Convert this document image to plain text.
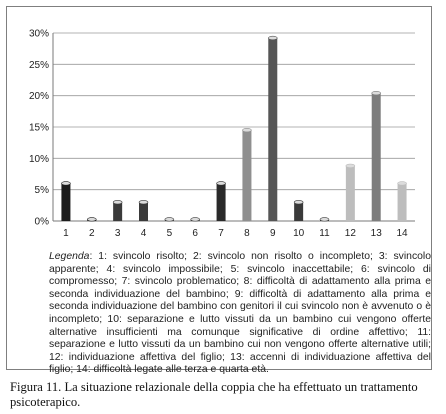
0%
5%
10%
15%
20%
25%
30%
1 2 3 4 5 6 7 8 9 10 11 12 13 14

Legenda: 1: svincolo risolto; 2: svincolo non risolto o incompleto; 3: svincolo apparente; 4: svincolo impossibile; 5: svincolo inaccettabile; 6: svincolo di compromesso; 7: svincolo problematico; 8: difficoltà di adattamento alla prima e seconda individuazione del bambino; 9: difficoltà di adattamento alla prima e seconda individuazione del bambino con genitori il cui svincolo non è avvenuto o è incompleto; 10: separazione e lutto vissuti da un bambino cui vengono offerte alternative insufficienti ma comunque significative di ordine affettivo; 11: separazione e lutto vissuti da un bambino cui non vengono offerte alternative utili; 12: individuazione affettiva del figlio; 13: accenni di individuazione affettiva del figlio; 14: difficoltà legate alle terza e quarta età.

Figura 11. La situazione relazionale della coppia che ha effettuato un trattamento psicoterapico.
